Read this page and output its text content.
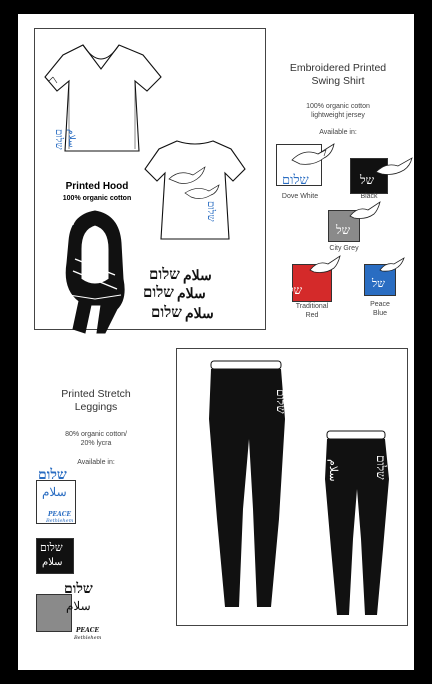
שלום سلام
שלום
Printed Hood
100% organic cotton
שלום
שלום سلام
שלום سلام
שלום سلام
Embroidered Printed
Swing Shirt
100% organic cotton
lightweight jersey
Available in:
שלום
Dove White
של
Black
של
City Grey
של
Traditional
Red
של
Peace
Blue
Printed Stretch
Leggings
80% organic cotton/
20% lycra
Available in:
שלום
سلام
PEACE
Bethlehem
שלום
سلام
שלום
سلام
PEACE
Bethlehem
שלום
שלום
سلام
